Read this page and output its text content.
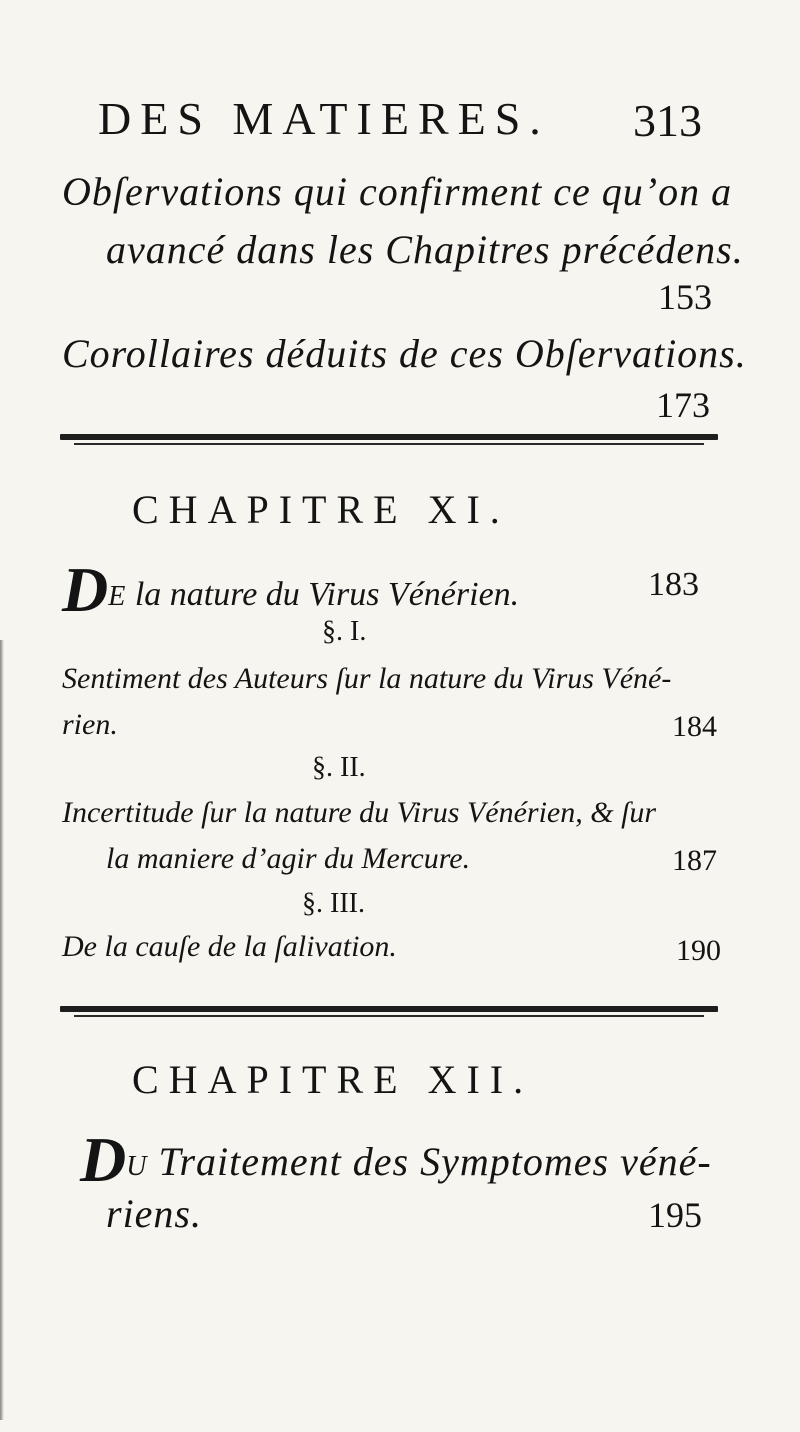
DES MATIERES. 313
Obſervations qui confirment ce qu’on a
avancé dans les Chapitres précédens.
153
Corollaires déduits de ces Obſervations.
173
CHAPITRE XI.
DE la nature du Virus Vénérien.	183
§. I.
Sentiment des Auteurs ſur la nature du Virus Véné-
rien.	184
§. II.
Incertitude ſur la nature du Virus Vénérien, & ſur
la maniere d’agir du Mercure.	187
§. III.
De la cauſe de la ſalivation.	190
CHAPITRE XII.
DU Traitement des Symptomes véné-
riens.	195
